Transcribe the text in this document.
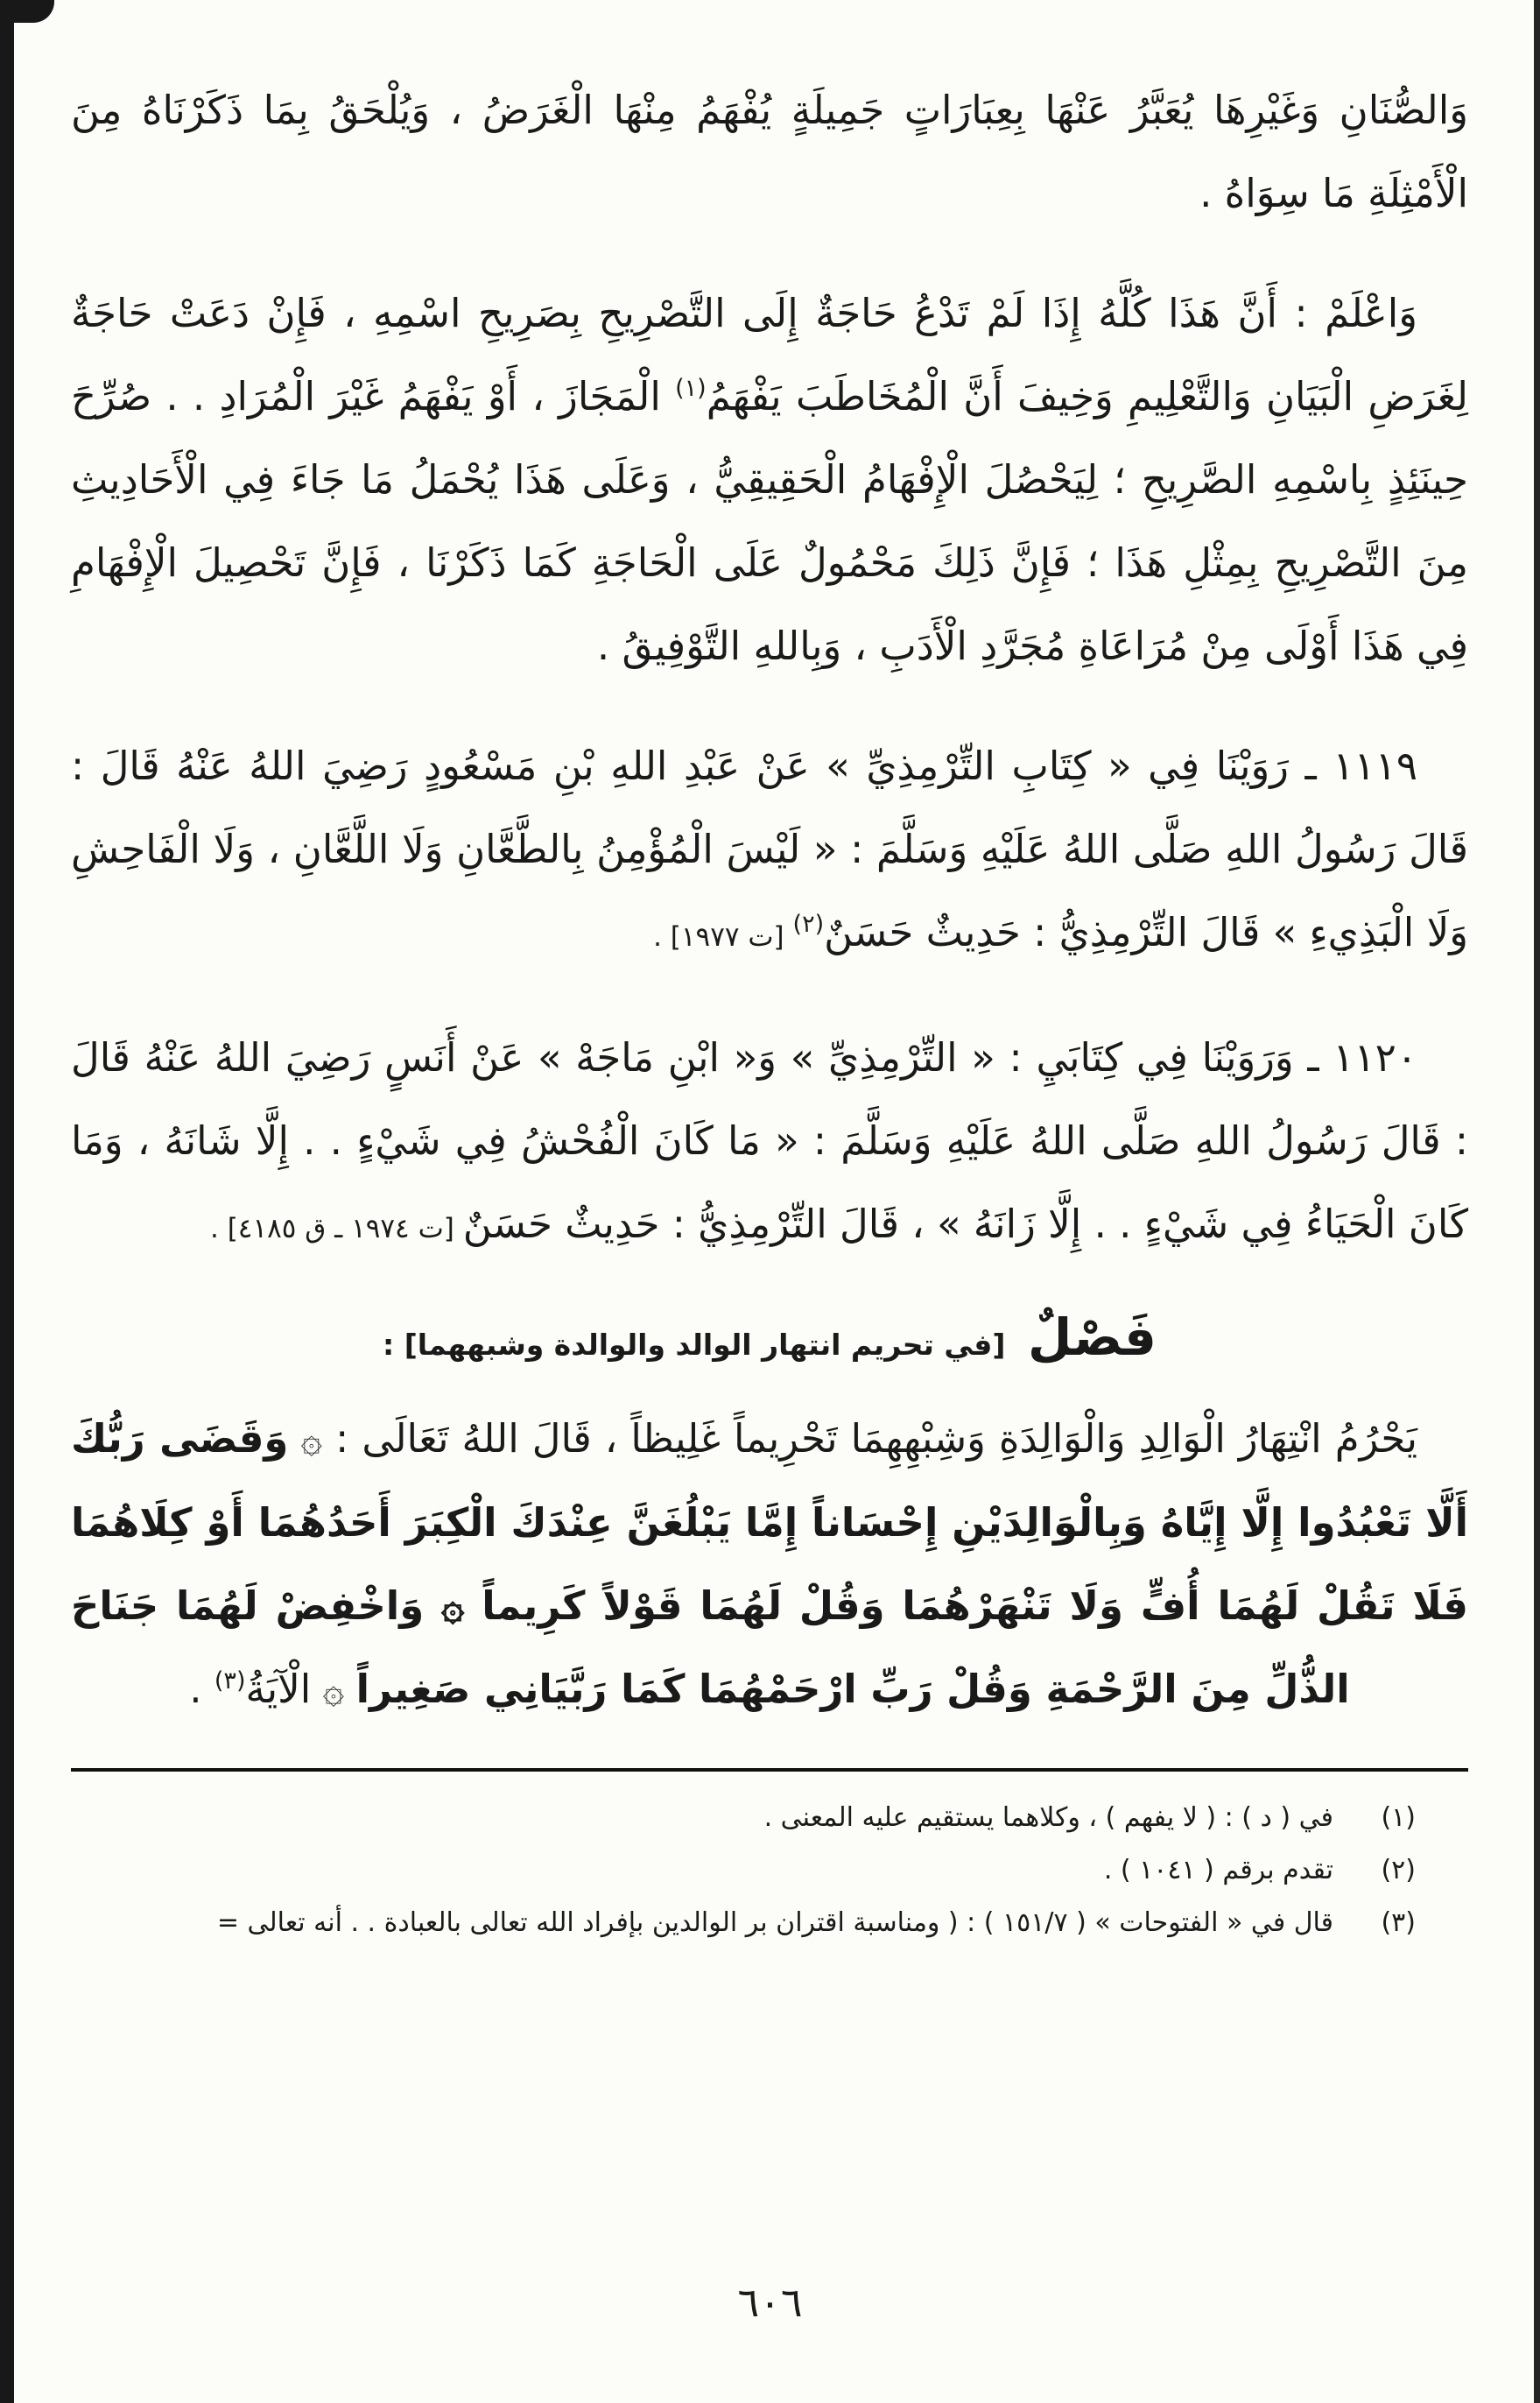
وَالصُّنَانِ وَغَيْرِهَا يُعَبَّرُ عَنْهَا بِعِبَارَاتٍ جَمِيلَةٍ يُفْهَمُ مِنْهَا الْغَرَضُ ، وَيُلْحَقُ بِمَا ذَكَرْنَاهُ مِنَ الْأَمْثِلَةِ مَا سِوَاهُ .

وَاعْلَمْ : أَنَّ هَذَا كُلَّهُ إِذَا لَمْ تَدْعُ حَاجَةٌ إِلَى التَّصْرِيحِ بِصَرِيحِ اسْمِهِ ، فَإِنْ دَعَتْ حَاجَةٌ لِغَرَضِ الْبَيَانِ وَالتَّعْلِيمِ وَخِيفَ أَنَّ الْمُخَاطَبَ يَفْهَمُ$^{(١)}$ الْمَجَازَ ، أَوْ يَفْهَمُ غَيْرَ الْمُرَادِ . . صُرِّحَ حِينَئِذٍ بِاسْمِهِ الصَّرِيحِ ؛ لِيَحْصُلَ الْإِفْهَامُ الْحَقِيقِيُّ ، وَعَلَى هَذَا يُحْمَلُ مَا جَاءَ فِي الْأَحَادِيثِ مِنَ التَّصْرِيحِ بِمِثْلِ هَذَا ؛ فَإِنَّ ذَلِكَ مَحْمُولٌ عَلَى الْحَاجَةِ كَمَا ذَكَرْنَا ، فَإِنَّ تَحْصِيلَ الْإِفْهَامِ فِي هَذَا أَوْلَى مِنْ مُرَاعَاةِ مُجَرَّدِ الْأَدَبِ ، وَبِاللهِ التَّوْفِيقُ .

١١١٩ ـ رَوَيْنَا فِي « كِتَابِ التِّرْمِذِيِّ » عَنْ عَبْدِ اللهِ بْنِ مَسْعُودٍ رَضِيَ اللهُ عَنْهُ قَالَ : قَالَ رَسُولُ اللهِ صَلَّى اللهُ عَلَيْهِ وَسَلَّمَ : « لَيْسَ الْمُؤْمِنُ بِالطَّعَّانِ وَلَا اللَّعَّانِ ، وَلَا الْفَاحِشِ وَلَا الْبَذِيءِ » قَالَ التِّرْمِذِيُّ : حَدِيثٌ حَسَنٌ$^{(٢)}$ [ت ١٩٧٧] .

١١٢٠ ـ وَرَوَيْنَا فِي كِتَابَيِ : « التِّرْمِذِيِّ » وَ« ابْنِ مَاجَهْ » عَنْ أَنَسٍ رَضِيَ اللهُ عَنْهُ قَالَ : قَالَ رَسُولُ اللهِ صَلَّى اللهُ عَلَيْهِ وَسَلَّمَ : « مَا كَانَ الْفُحْشُ فِي شَيْءٍ . . إِلَّا شَانَهُ ، وَمَا كَانَ الْحَيَاءُ فِي شَيْءٍ . . إِلَّا زَانَهُ » ، قَالَ التِّرْمِذِيُّ : حَدِيثٌ حَسَنٌ [ت ١٩٧٤ ـ ق ٤١٨٥] .

فَصْلٌ [في تحريم انتهار الوالد والوالدة وشبههما] :

يَحْرُمُ انْتِهَارُ الْوَالِدِ وَالْوَالِدَةِ وَشِبْهِهِمَا تَحْرِيماً غَلِيظاً ، قَالَ اللهُ تَعَالَى : ۞ وَقَضَى رَبُّكَ أَلَّا تَعْبُدُوا إِلَّا إِيَّاهُ وَبِالْوَالِدَيْنِ إِحْسَاناً إِمَّا يَبْلُغَنَّ عِنْدَكَ الْكِبَرَ أَحَدُهُمَا أَوْ كِلَاهُمَا فَلَا تَقُلْ لَهُمَا أُفٍّ وَلَا تَنْهَرْهُمَا وَقُلْ لَهُمَا قَوْلاً كَرِيماً ۞ وَاخْفِضْ لَهُمَا جَنَاحَ الذُّلِّ مِنَ الرَّحْمَةِ وَقُلْ رَبِّ ارْحَمْهُمَا كَمَا رَبَّيَانِي صَغِيراً ۞ الْآيَةُ$^{(٣)}$ .

(١)
في ( د ) : ( لا يفهم ) ، وكلاهما يستقيم عليه المعنى .
(٢)
تقدم برقم ( ١٠٤١ ) .
(٣)
قال في « الفتوحات » ( ١٥١/٧ ) : ( ومناسبة اقتران بر الوالدين بإفراد الله تعالى بالعبادة . . أنه تعالى =
٦٠٦
